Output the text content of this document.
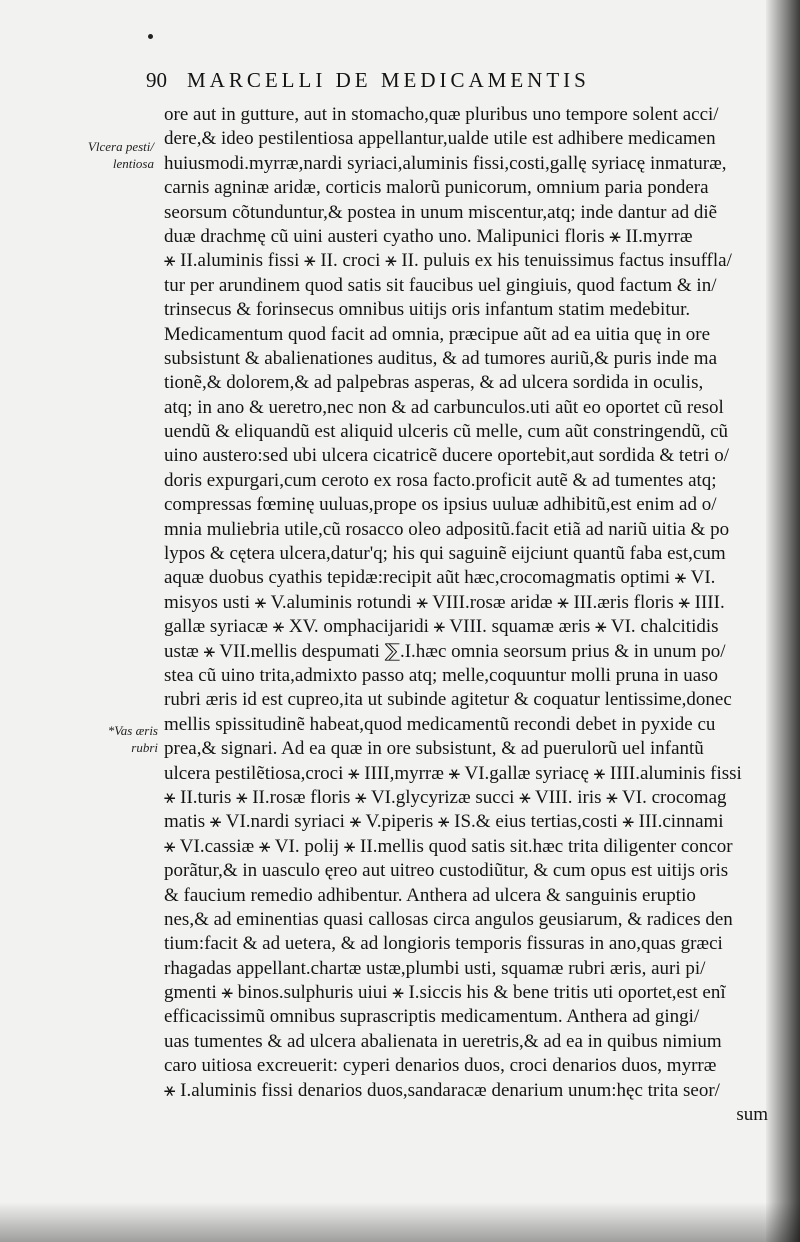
90 MARCELLI DE MEDICAMENTIS
Vlcera pesti/
lentiosa
*Vas æris
rubri
ore aut in gutture, aut in stomacho,quæ pluribus uno tempore solent acci/
dere,& ideo pestilentiosa appellantur,ualde utile est adhibere medicamen
huiusmodi.myrræ,nardi syriaci,aluminis fissi,costi,gallę syriacę inmaturæ,
carnis agninæ aridæ, corticis malorũ punicorum, omnium paria pondera
seorsum cõtunduntur,& postea in unum miscentur,atq; inde dantur ad diẽ
duæ drachmę cũ uini austeri cyatho uno. Malipunici floris ⚹ II.myrræ
⚹ II.aluminis fissi ⚹ II. croci ⚹ II. puluis ex his tenuissimus factus insuffla/
tur per arundinem quod satis sit faucibus uel gingiuis, quod factum & in/
trinsecus & forinsecus omnibus uitijs oris infantum statim medebitur.
Medicamentum quod facit ad omnia, præcipue aũt ad ea uitia quę in ore
subsistunt & abalienationes auditus, & ad tumores auriũ,& puris inde ma
tionẽ,& dolorem,& ad palpebras asperas, & ad ulcera sordida in oculis,
atq; in ano & ueretro,nec non & ad carbunculos.uti aũt eo oportet cũ resol
uendũ & eliquandũ est aliquid ulceris cũ melle, cum aũt constringendũ, cũ
uino austero:sed ubi ulcera cicatricẽ ducere oportebit,aut sordida & tetri o/
doris expurgari,cum ceroto ex rosa facto.proficit autẽ & ad tumentes atq;
compressas fœminę uuluas,prope os ipsius uuluæ adhibitũ,est enim ad o/
mnia muliebria utile,cũ rosacco oleo adpositũ.facit etiã ad nariũ uitia & po
lypos & cętera ulcera,datur'q; his qui saguinẽ eijciunt quantũ faba est,cum
aquæ duobus cyathis tepidæ:recipit aũt hæc,crocomagmatis optimi ⚹ VI.
misyos usti ⚹ V.aluminis rotundi ⚹ VIII.rosæ aridæ ⚹ III.æris floris ⚹ IIII.
gallæ syriacæ ⚹ XV. omphacijaridi ⚹ VIII. squamæ æris ⚹ VI. chalcitidis
ustæ ⚹ VII.mellis despumati ⅀.I.hæc omnia seorsum prius & in unum po/
stea cũ uino trita,admixto passo atq; melle,coquuntur molli pruna in uaso
rubri æris id est cupreo,ita ut subinde agitetur & coquatur lentissime,donec
mellis spissitudinẽ habeat,quod medicamentũ recondi debet in pyxide cu
prea,& signari. Ad ea quæ in ore subsistunt, & ad puerulorũ uel infantũ
ulcera pestilẽtiosa,croci ⚹ IIII,myrræ ⚹ VI.gallæ syriacę ⚹ IIII.aluminis fissi
⚹ II.turis ⚹ II.rosæ floris ⚹ VI.glycyrizæ succi ⚹ VIII. iris ⚹ VI. crocomag
matis ⚹ VI.nardi syriaci ⚹ V.piperis ⚹ IS.& eius tertias,costi ⚹ III.cinnami
⚹ VI.cassiæ ⚹ VI. polij ⚹ II.mellis quod satis sit.hæc trita diligenter concor
porãtur,& in uasculo ęreo aut uitreo custodiũtur, & cum opus est uitijs oris
& faucium remedio adhibentur. Anthera ad ulcera & sanguinis eruptio
nes,& ad eminentias quasi callosas circa angulos geusiarum, & radices den
tium:facit & ad uetera, & ad longioris temporis fissuras in ano,quas græci
rhagadas appellant.chartæ ustæ,plumbi usti, squamæ rubri æris, auri pi/
gmenti ⚹ binos.sulphuris uiui ⚹ I.siccis his & bene tritis uti oportet,est enĩ
efficacissimũ omnibus suprascriptis medicamentum. Anthera ad gingi/
uas tumentes & ad ulcera abalienata in ueretris,& ad ea in quibus nimium
caro uitiosa excreuerit: cyperi denarios duos, croci denarios duos, myrræ
⚹ I.aluminis fissi denarios duos,sandaracæ denarium unum:hęc trita seor/
sum
